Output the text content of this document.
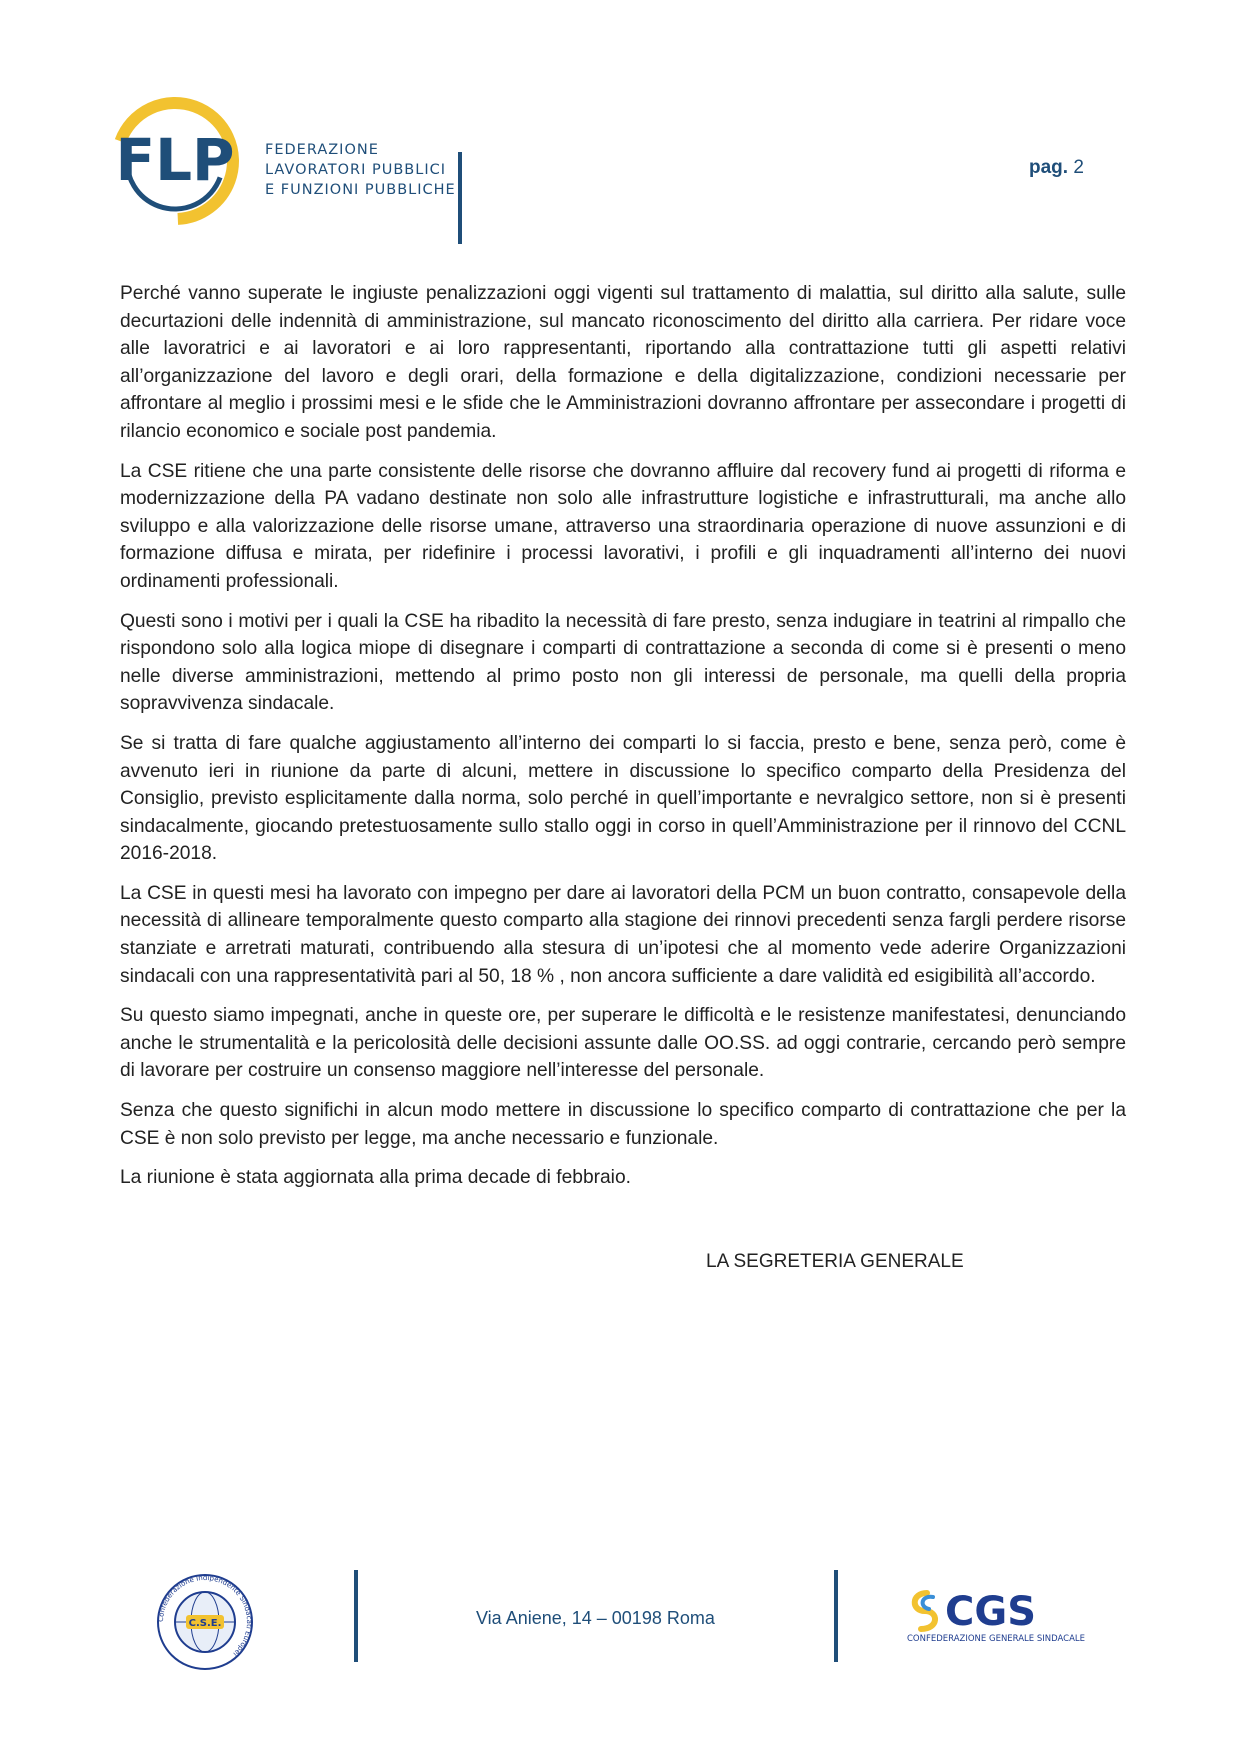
FLP FEDERAZIONE
LAVORATORI PUBBLICI
E FUNZIONI PUBBLICHE
pag. 2

Perché vanno superate le ingiuste penalizzazioni oggi vigenti sul trattamento di malattia, sul diritto alla salute, sulle decurtazioni delle indennità di amministrazione, sul mancato riconoscimento del diritto alla carriera. Per ridare voce alle lavoratrici e ai lavoratori e ai loro rappresentanti, riportando alla contrattazione tutti gli aspetti relativi all’organizzazione del lavoro e degli orari, della formazione e della digitalizzazione, condizioni necessarie per affrontare al meglio i prossimi mesi e le sfide che le Amministrazioni dovranno affrontare per assecondare i progetti di rilancio economico e sociale post pandemia.

La CSE ritiene che una parte consistente delle risorse che dovranno affluire dal recovery fund ai progetti di riforma e modernizzazione della PA vadano destinate non solo alle infrastrutture logistiche e infrastrutturali, ma anche allo sviluppo e alla valorizzazione delle risorse umane, attraverso una straordinaria operazione di nuove assunzioni e di formazione diffusa e mirata, per ridefinire i processi lavorativi, i profili e gli inquadramenti all’interno dei nuovi ordinamenti professionali.

Questi sono i motivi per i quali la CSE ha ribadito la necessità di fare presto, senza indugiare in teatrini al rimpallo che rispondono solo alla logica miope di disegnare i comparti di contrattazione a seconda di come si è presenti o meno nelle diverse amministrazioni, mettendo al primo posto non gli interessi de personale, ma quelli della propria sopravvivenza sindacale.

Se si tratta di fare qualche aggiustamento all’interno dei comparti lo si faccia, presto e bene, senza però, come è avvenuto ieri in riunione da parte di alcuni, mettere in discussione lo specifico comparto della Presidenza del Consiglio, previsto esplicitamente dalla norma, solo perché in quell’importante e nevralgico settore, non si è presenti sindacalmente, giocando pretestuosamente sullo stallo oggi in corso in quell’Amministrazione per il rinnovo del CCNL 2016-2018.

La CSE in questi mesi ha lavorato con impegno per dare ai lavoratori della PCM un buon contratto, consapevole della necessità di allineare temporalmente questo comparto alla stagione dei rinnovi precedenti senza fargli perdere risorse stanziate e arretrati maturati, contribuendo alla stesura di un’ipotesi che al momento vede aderire Organizzazioni sindacali con una rappresentatività pari al 50, 18 % , non ancora sufficiente a dare validità ed esigibilità all’accordo.

Su questo siamo impegnati, anche in queste ore, per superare le difficoltà e le resistenze manifestatesi, denunciando anche le strumentalità e la pericolosità delle decisioni assunte dalle OO.SS. ad oggi contrarie, cercando però sempre di lavorare per costruire un consenso maggiore nell’interesse del personale.

Senza che questo significhi in alcun modo mettere in discussione lo specifico comparto di contrattazione che per la CSE è non solo previsto per legge, ma anche necessario e funzionale.

La riunione è stata aggiornata alla prima decade di febbraio.

LA SEGRETERIA GENERALE
Confederazione Indipendente Sindacati Europei
C.S.E.	Via Aniene, 14 – 00198 Roma	CGS
CONFEDERAZIONE GENERALE SINDACALE
